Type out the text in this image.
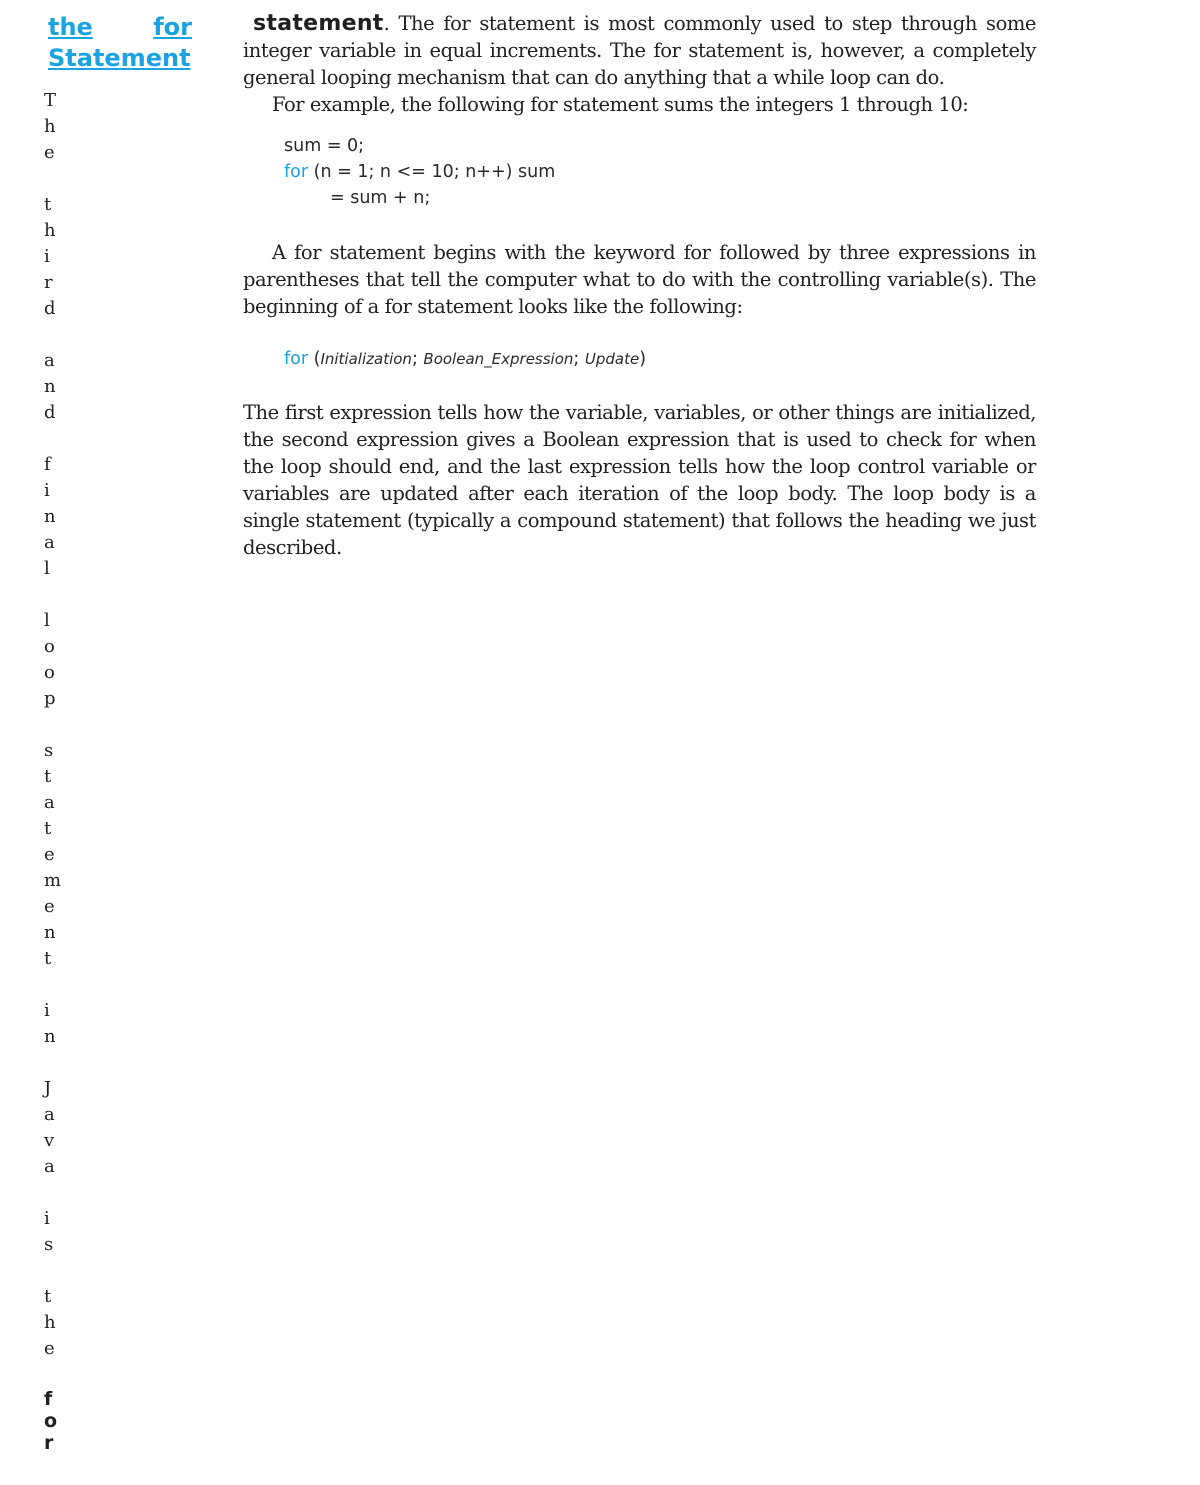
the	for
Statement
T
h
e
t
h
i
r
d
a
n
d
f
i
n
a
l
l
o
o
p
s
t
a
t
e
m
e
n
t
i
n
J
a
v
a
i
s
t
h
e
f
o
r

statement. The for statement is most commonly used to step through some integer variable in equal increments. The for statement is, however, a completely general looping mechanism that can do anything that a while loop can do.

For example, the following for statement sums the integers 1 through 10:

sum = 0;
for (n = 1; n <= 10; n++) sum
= sum + n;

A for statement begins with the keyword for followed by three expressions in parentheses that tell the computer what to do with the controlling variable(s). The beginning of a for statement looks like the following:

for (Initialization; Boolean_Expression; Update)

The first expression tells how the variable, variables, or other things are initialized, the second expression gives a Boolean expression that is used to check for when the loop should end, and the last expression tells how the loop control variable or variables are updated after each iteration of the loop body. The loop body is a single statement (typically a compound statement) that follows the heading we just described.
